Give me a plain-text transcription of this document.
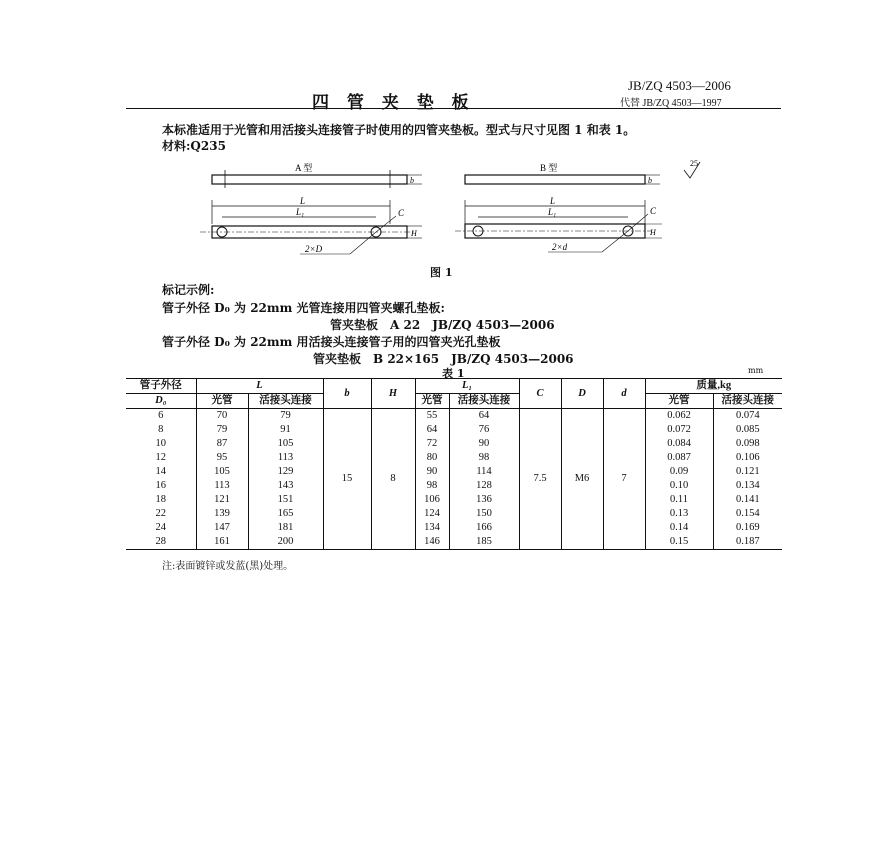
四 管 夹 垫 板
JB/ZQ 4503—2006
代替 JB/ZQ 4503—1997
本标准适用于光管和用活接头连接管子时使用的四管夹垫板。型式与尺寸见图 1 和表 1。
材料:Q235
b
A 型
L
L₁
H
C
2×D
25
b
B 型
L
L₁
H
C
2×d
图 1
标记示例:
管子外径 D₀ 为 22mm 光管连接用四管夹螺孔垫板:
管夹垫板　A 22　JB/ZQ 4503—2006
管子外径 D₀ 为 22mm 用活接头连接管子用的四管夹光孔垫板
管夹垫板　B 22×165　JB/ZQ 4503—2006
表 1	mm
管子外径	L		b	H	L₁		C	D	d	质量,kg	
D₀	光管	活接头连接			光管	活接头连接				光管	活接头连接
6	70	79	15	8	55	64	7.5	M6	7	0.062	0.074
8	79	91			64	76				0.072	0.085
10	87	105			72	90				0.084	0.098
12	95	113			80	98				0.087	0.106
14	105	129			90	114				0.09	0.121
16	113	143			98	128				0.10	0.134
18	121	151			106	136				0.11	0.141
22	139	165			124	150				0.13	0.154
24	147	181			134	166				0.14	0.169
28	161	200			146	185				0.15	0.187
注:表面镀锌或发蓝(黑)处理。
